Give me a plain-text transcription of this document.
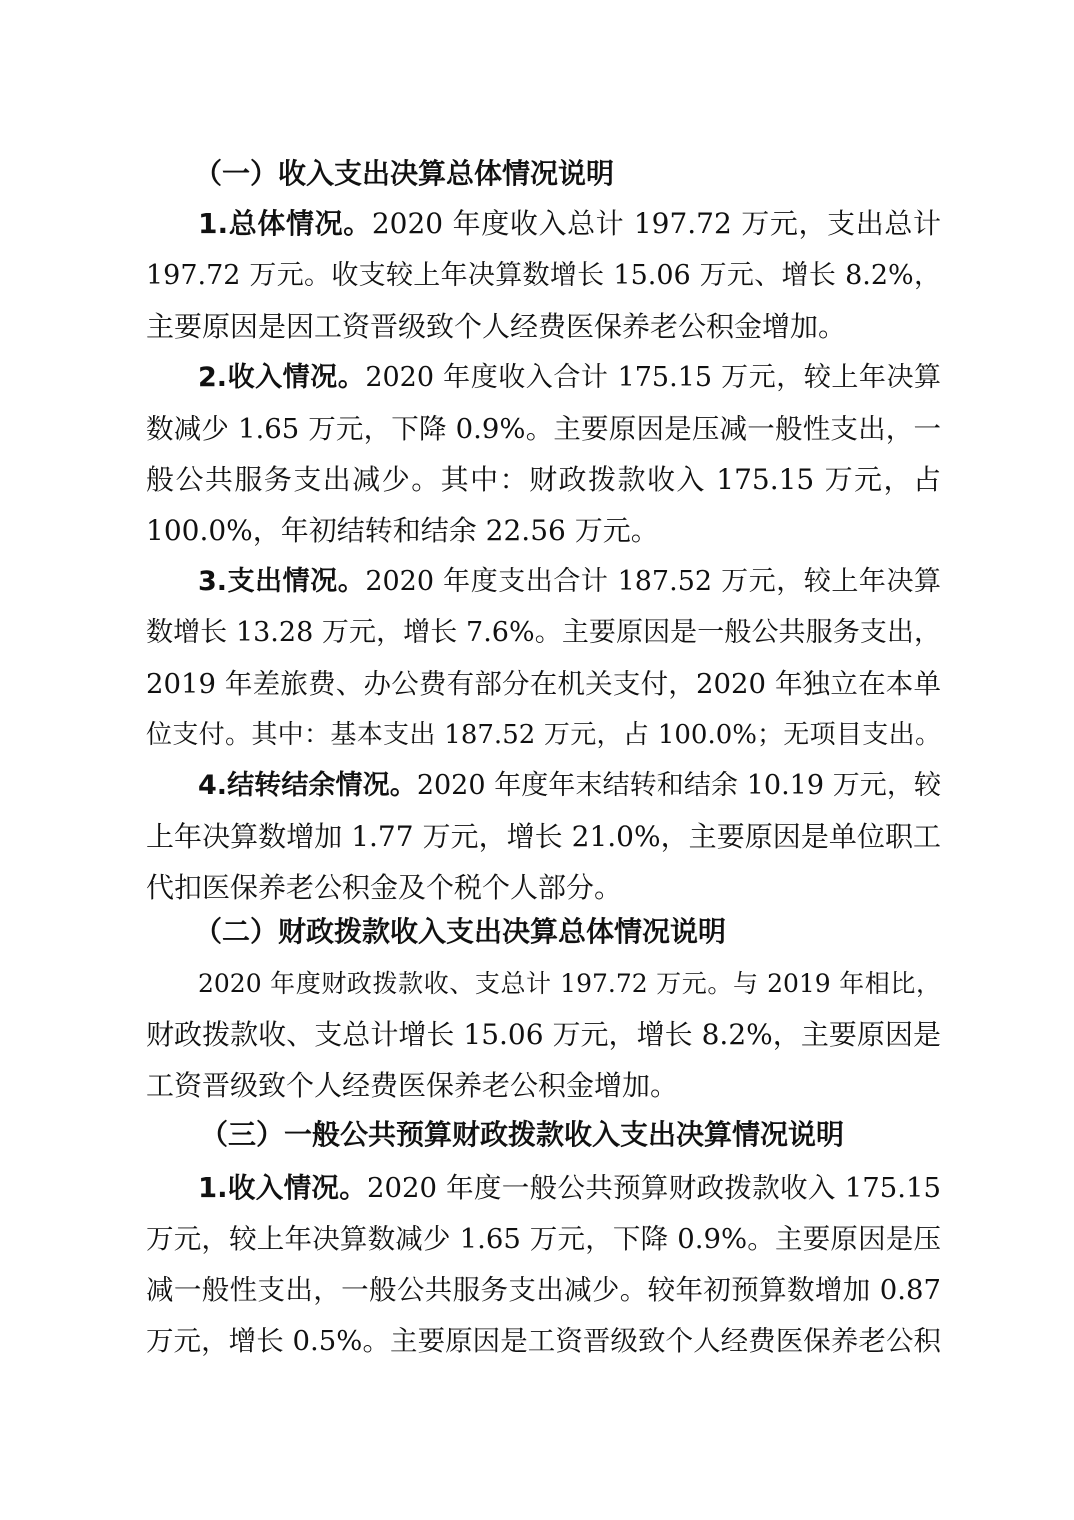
（一）收入支出决算总体情况说明
1.总体情况。2020 年度收入总计 197.72 万元，支出总计
197.72 万元。收支较上年决算数增长 15.06 万元、增长 8.2%，
主要原因是因工资晋级致个人经费医保养老公积金增加。
2.收入情况。2020 年度收入合计 175.15 万元，较上年决算
数减少 1.65 万元，下降 0.9%。主要原因是压减一般性支出，一
般公共服务支出减少。其中：财政拨款收入 175.15 万元，占
100.0%，年初结转和结余 22.56 万元。
3.支出情况。2020 年度支出合计 187.52 万元，较上年决算
数增长 13.28 万元，增长 7.6%。主要原因是一般公共服务支出，
2019 年差旅费、办公费有部分在机关支付，2020 年独立在本单
位支付。其中：基本支出 187.52 万元，占 100.0%；无项目支出。
4.结转结余情况。2020 年度年末结转和结余 10.19 万元，较
上年决算数增加 1.77 万元，增长 21.0%，主要原因是单位职工
代扣医保养老公积金及个税个人部分。
（二）财政拨款收入支出决算总体情况说明
2020 年度财政拨款收、支总计 197.72 万元。与 2019 年相比，
财政拨款收、支总计增长 15.06 万元，增长 8.2%，主要原因是
工资晋级致个人经费医保养老公积金增加。
（三）一般公共预算财政拨款收入支出决算情况说明
1.收入情况。2020 年度一般公共预算财政拨款收入 175.15
万元，较上年决算数减少 1.65 万元，下降 0.9%。主要原因是压
减一般性支出，一般公共服务支出减少。较年初预算数增加 0.87
万元，增长 0.5%。主要原因是工资晋级致个人经费医保养老公积
